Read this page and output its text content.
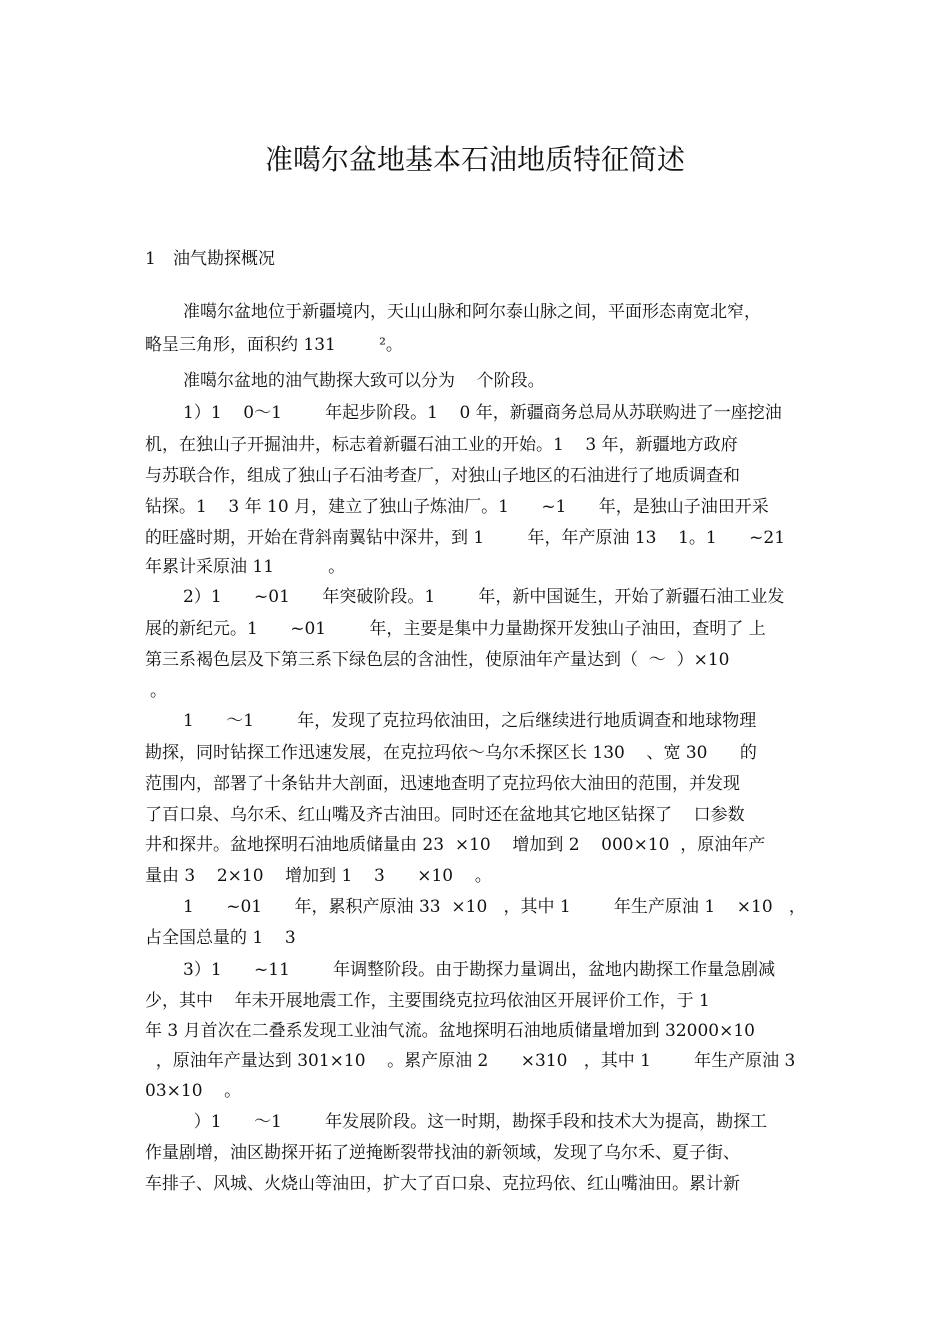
准噶尔盆地基本石油地质特征简述
1 油气勘探概况
准噶尔盆地位于新疆境内，天山山脉和阿尔泰山脉之间，平面形态南宽北窄，
略呈三角形，面积约 131        ²。
准噶尔盆地的油气勘探大致可以分为    个阶段。
1）1    0～1        年起步阶段。1    0 年，新疆商务总局从苏联购进了一座挖油
机，在独山子开掘油井，标志着新疆石油工业的开始。1    3 年，新疆地方政府
与苏联合作，组成了独山子石油考查厂，对独山子地区的石油进行了地质调查和
钻探。1    3 年 10 月，建立了独山子炼油厂。1      ~1      年，是独山子油田开采
的旺盛时期，开始在背斜南翼钻中深井，到 1        年，年产原油 13    1。1      ~21
年累计采原油 11          。
2）1      ~01      年突破阶段。1        年，新中国诞生，开始了新疆石油工业发
展的新纪元。1      ~01        年，主要是集中力量勘探开发独山子油田，查明了 上
第三系褐色层及下第三系下绿色层的含油性，使原油年产量达到（  ～  ）×10
。
1      ～1        年，发现了克拉玛依油田，之后继续进行地质调查和地球物理
勘探，同时钻探工作迅速发展，在克拉玛依～乌尔禾探区长 130    、宽 30      的
范围内，部署了十条钻井大剖面，迅速地查明了克拉玛依大油田的范围，并发现
了百口泉、乌尔禾、红山嘴及齐古油田。同时还在盆地其它地区钻探了    口参数
井和探井。盆地探明石油地质储量由 23  ×10    增加到 2    000×10  ，原油年产
量由 3    2×10    增加到 1    3      ×10    。
1      ~01      年，累积产原油 33  ×10   ，其中 1        年生产原油 1    ×10   ，
占全国总量的 1    3
3）1      ~11        年调整阶段。由于勘探力量调出，盆地内勘探工作量急剧减
少，其中    年未开展地震工作，主要围绕克拉玛依油区开展评价工作，于 1
年 3 月首次在二叠系发现工业油气流。盆地探明石油地质储量增加到 32000×10
，原油年产量达到 301×10    。累产原油 2      ×310   ，其中 1        年生产原油 3
03×10    。
）1      ～1        年发展阶段。这一时期，勘探手段和技术大为提高，勘探工
作量剧增，油区勘探开拓了逆掩断裂带找油的新领域，发现了乌尔禾、夏子街、
车排子、风城、火烧山等油田，扩大了百口泉、克拉玛依、红山嘴油田。累计新
